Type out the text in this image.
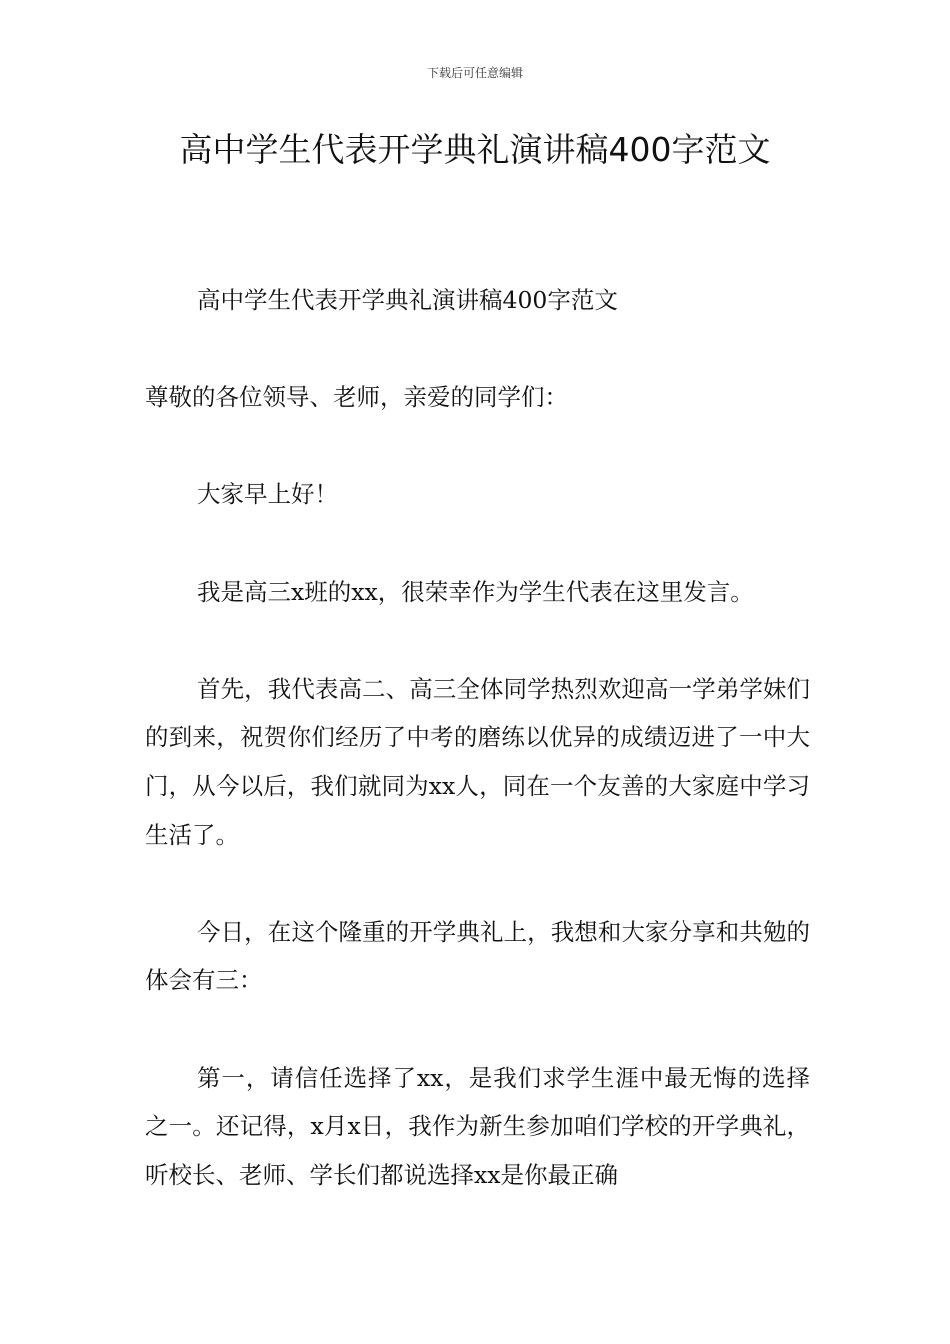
下载后可任意编辑
高中学生代表开学典礼演讲稿400字范文

高中学生代表开学典礼演讲稿400字范文

尊敬的各位领导、老师，亲爱的同学们：

大家早上好！

我是高三x班的xx，很荣幸作为学生代表在这里发言。

首先，我代表高二、高三全体同学热烈欢迎高一学弟学妹们的到来，祝贺你们经历了中考的磨练以优异的成绩迈进了一中大门，从今以后，我们就同为xx人，同在一个友善的大家庭中学习生活了。

今日，在这个隆重的开学典礼上，我想和大家分享和共勉的体会有三：

第一，请信任选择了xx，是我们求学生涯中最无悔的选择之一。还记得，x月x日，我作为新生参加咱们学校的开学典礼，听校长、老师、学长们都说选择xx是你最正确
